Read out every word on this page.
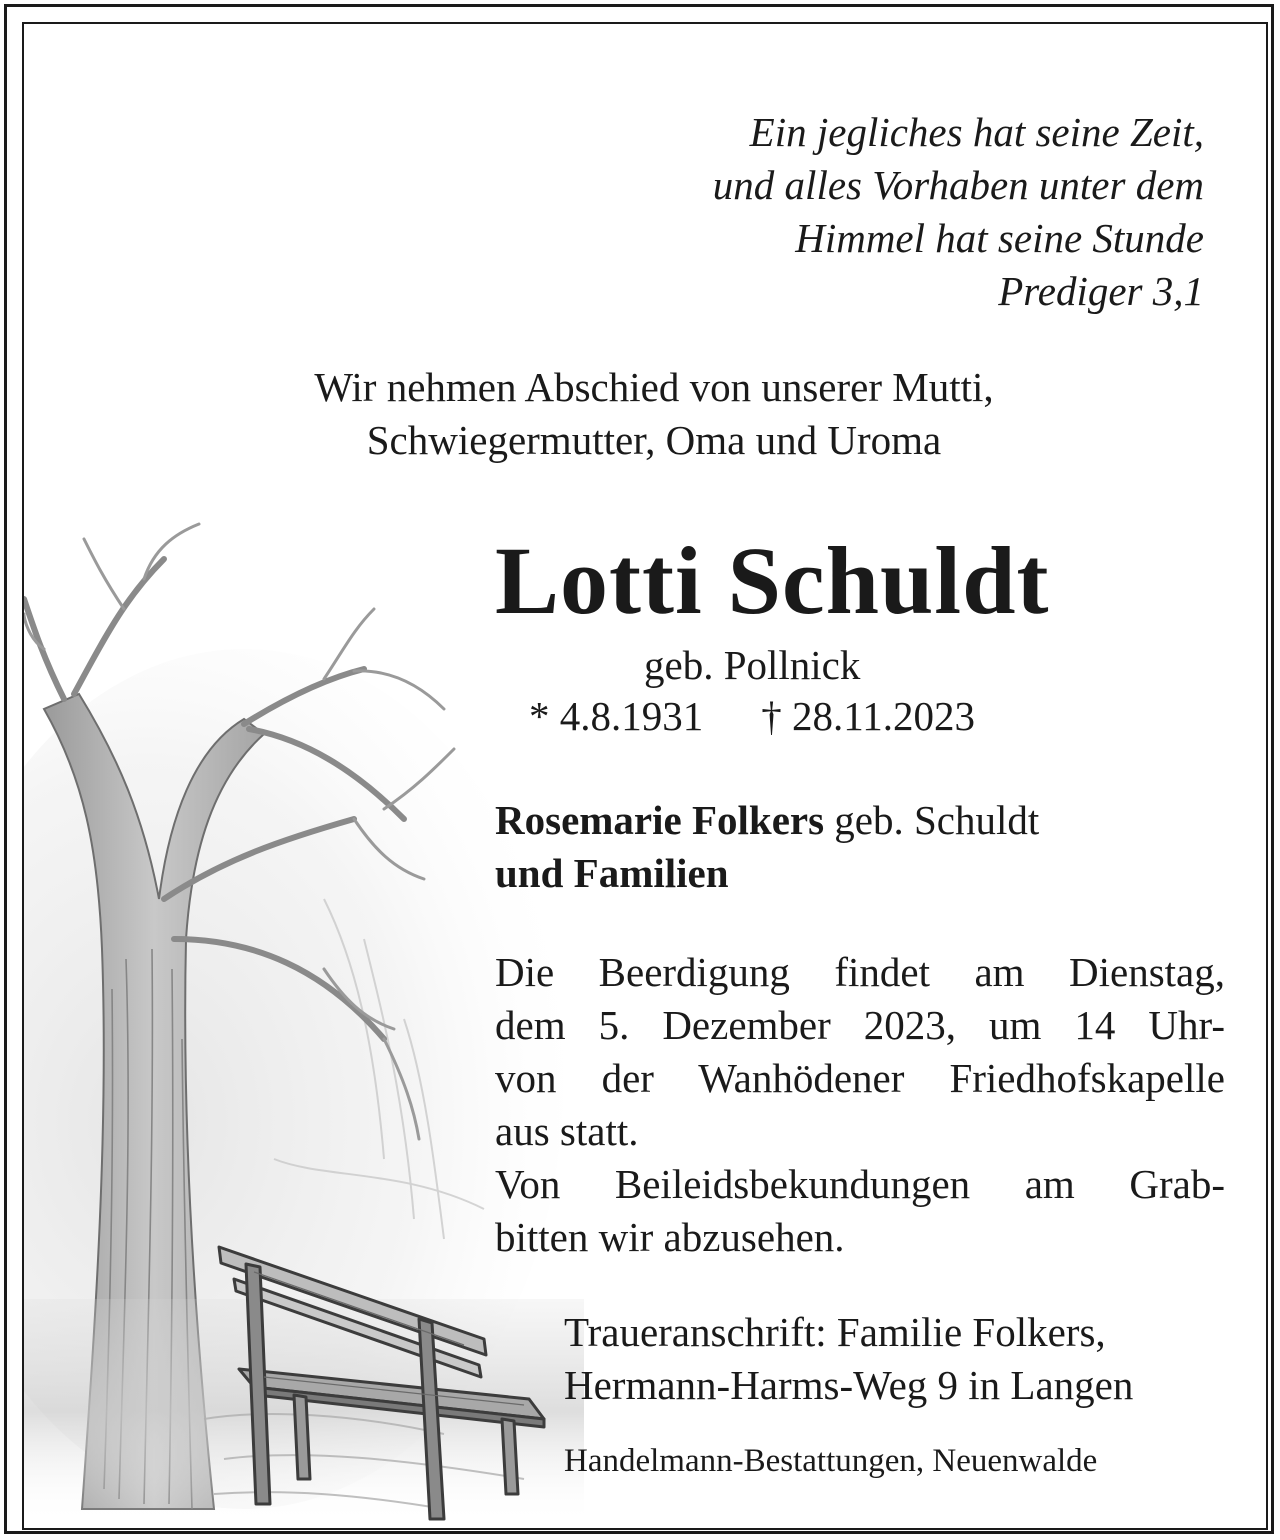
Ein jegliches hat seine Zeit,
und alles Vorhaben unter dem
Himmel hat seine Stunde
Prediger 3,1
Wir nehmen Abschied von unserer Mutti,
Schwiegermutter, Oma und Uroma
Lotti Schuldt
geb. Pollnick
* 4.8.1931 † 28.11.2023
Rosemarie Folkers geb. Schuldt
und Familien
Die Beerdigung findet am Dienstag,
dem 5. Dezember 2023, um 14 Uhr-
von der Wanhödener Friedhofskapelle
aus statt.
Von Beileidsbekundungen am Grab-
bitten wir abzusehen.
Traueranschrift: Familie Folkers,
Hermann-Harms-Weg 9 in Langen
Handelmann-Bestattungen, Neuenwalde
